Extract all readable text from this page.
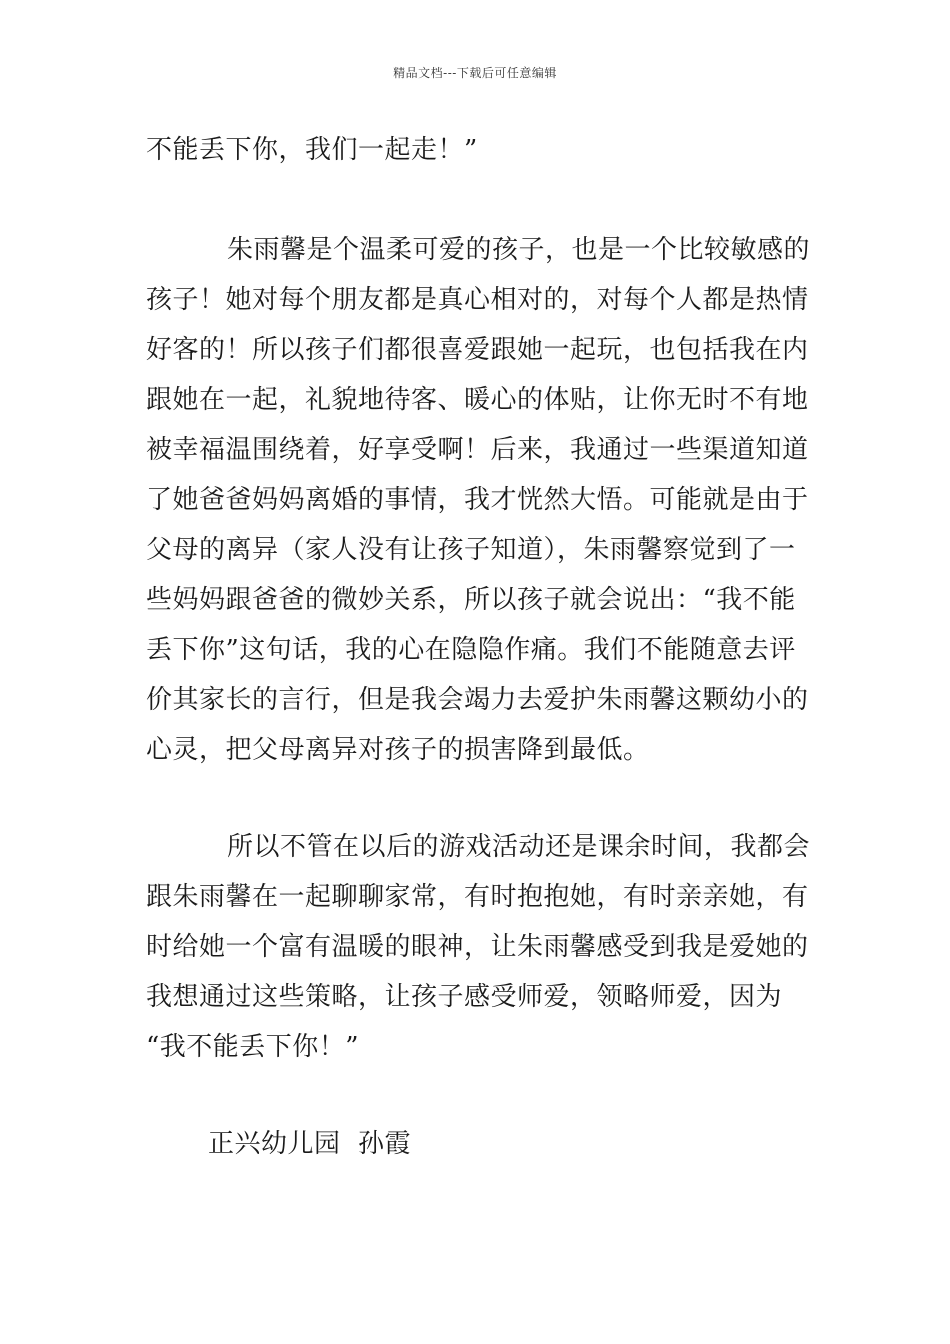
精品文档---下载后可任意编辑
不能丢下你，我们一起走！”
朱雨馨是个温柔可爱的孩子，也是一个比较敏感的
孩子！她对每个朋友都是真心相对的，对每个人都是热情
好客的！所以孩子们都很喜爱跟她一起玩，也包括我在内
跟她在一起，礼貌地待客、暖心的体贴，让你无时不有地
被幸福温围绕着，好享受啊！后来，我通过一些渠道知道
了她爸爸妈妈离婚的事情，我才恍然大悟。可能就是由于
父母的离异（家人没有让孩子知道），朱雨馨察觉到了一
些妈妈跟爸爸的微妙关系，所以孩子就会说出：“我不能
丢下你”这句话，我的心在隐隐作痛。我们不能随意去评
价其家长的言行，但是我会竭力去爱护朱雨馨这颗幼小的
心灵，把父母离异对孩子的损害降到最低。
所以不管在以后的游戏活动还是课余时间，我都会
跟朱雨馨在一起聊聊家常，有时抱抱她，有时亲亲她，有
时给她一个富有温暖的眼神，让朱雨馨感受到我是爱她的
我想通过这些策略，让孩子感受师爱，领略师爱，因为
“我不能丢下你！”
正兴幼儿园  孙霞
